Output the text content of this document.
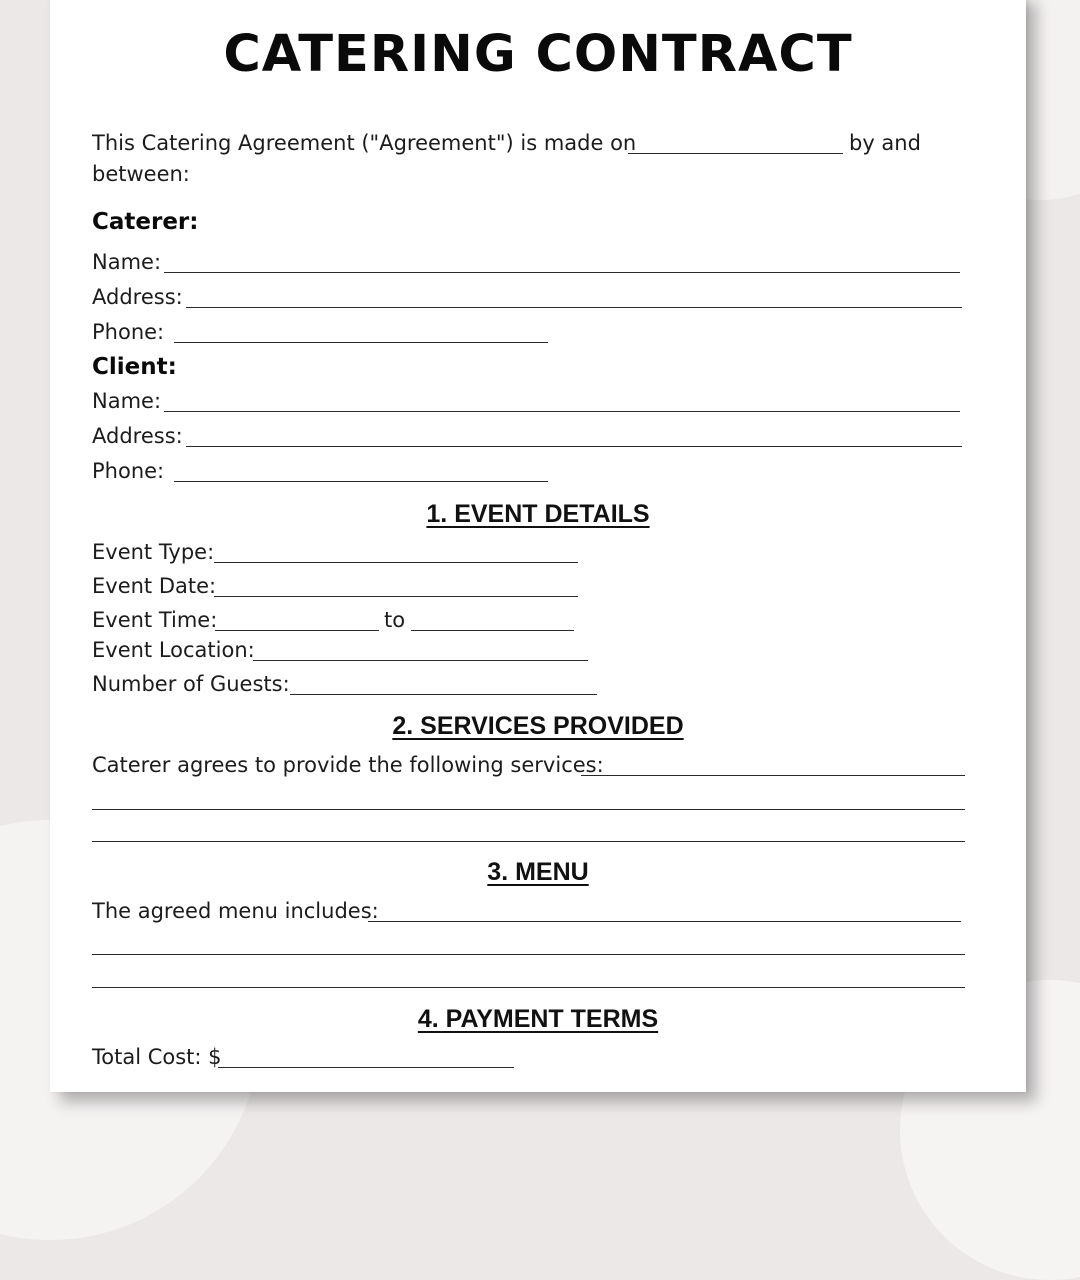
CATERING CONTRACT
This Catering Agreement ("Agreement") is made on	by and
between:
Caterer:
Name:
Address:
Phone:
Client:
Name:
Address:
Phone:
1. EVENT DETAILS
Event Type:
Event Date:
Event Time:	to
Event Location:
Number of Guests:
2. SERVICES PROVIDED
Caterer agrees to provide the following services:
3. MENU
The agreed menu includes:
4. PAYMENT TERMS
Total Cost: $
